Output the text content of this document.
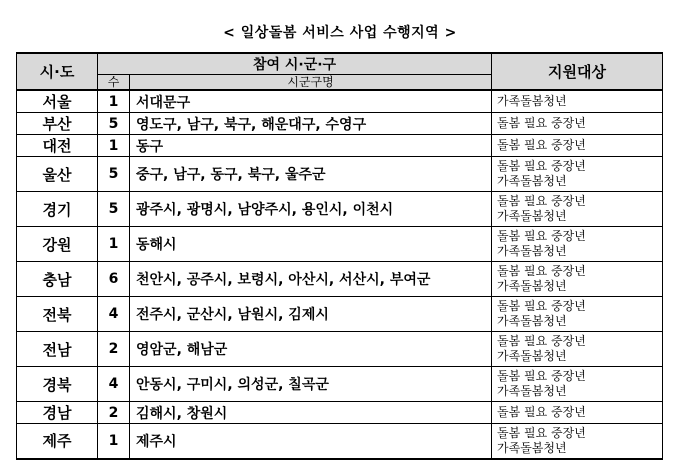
< 일상돌봄 서비스 사업 수행지역 >
시·도	참여 시·군·구		지원대상
	수	시군구명	
서울	1	서대문구	가족돌봄청년

부산	5	영도구, 남구, 북구, 해운대구, 수영구	돌봄 필요 중장년

대전	1	동구	돌봄 필요 중장년

울산	5	중구, 남구, 동구, 북구, 울주군	돌봄 필요 중장년
가족돌봄청년

경기	5	광주시, 광명시, 남양주시, 용인시, 이천시	돌봄 필요 중장년
가족돌봄청년

강원	1	동해시	돌봄 필요 중장년
가족돌봄청년

충남	6	천안시, 공주시, 보령시, 아산시, 서산시, 부여군	돌봄 필요 중장년
가족돌봄청년

전북	4	전주시, 군산시, 남원시, 김제시	돌봄 필요 중장년
가족돌봄청년

전남	2	영암군, 해남군	돌봄 필요 중장년
가족돌봄청년

경북	4	안동시, 구미시, 의성군, 칠곡군	돌봄 필요 중장년
가족돌봄청년

경남	2	김해시, 창원시	돌봄 필요 중장년

제주	1	제주시	돌봄 필요 중장년
가족돌봄청년
